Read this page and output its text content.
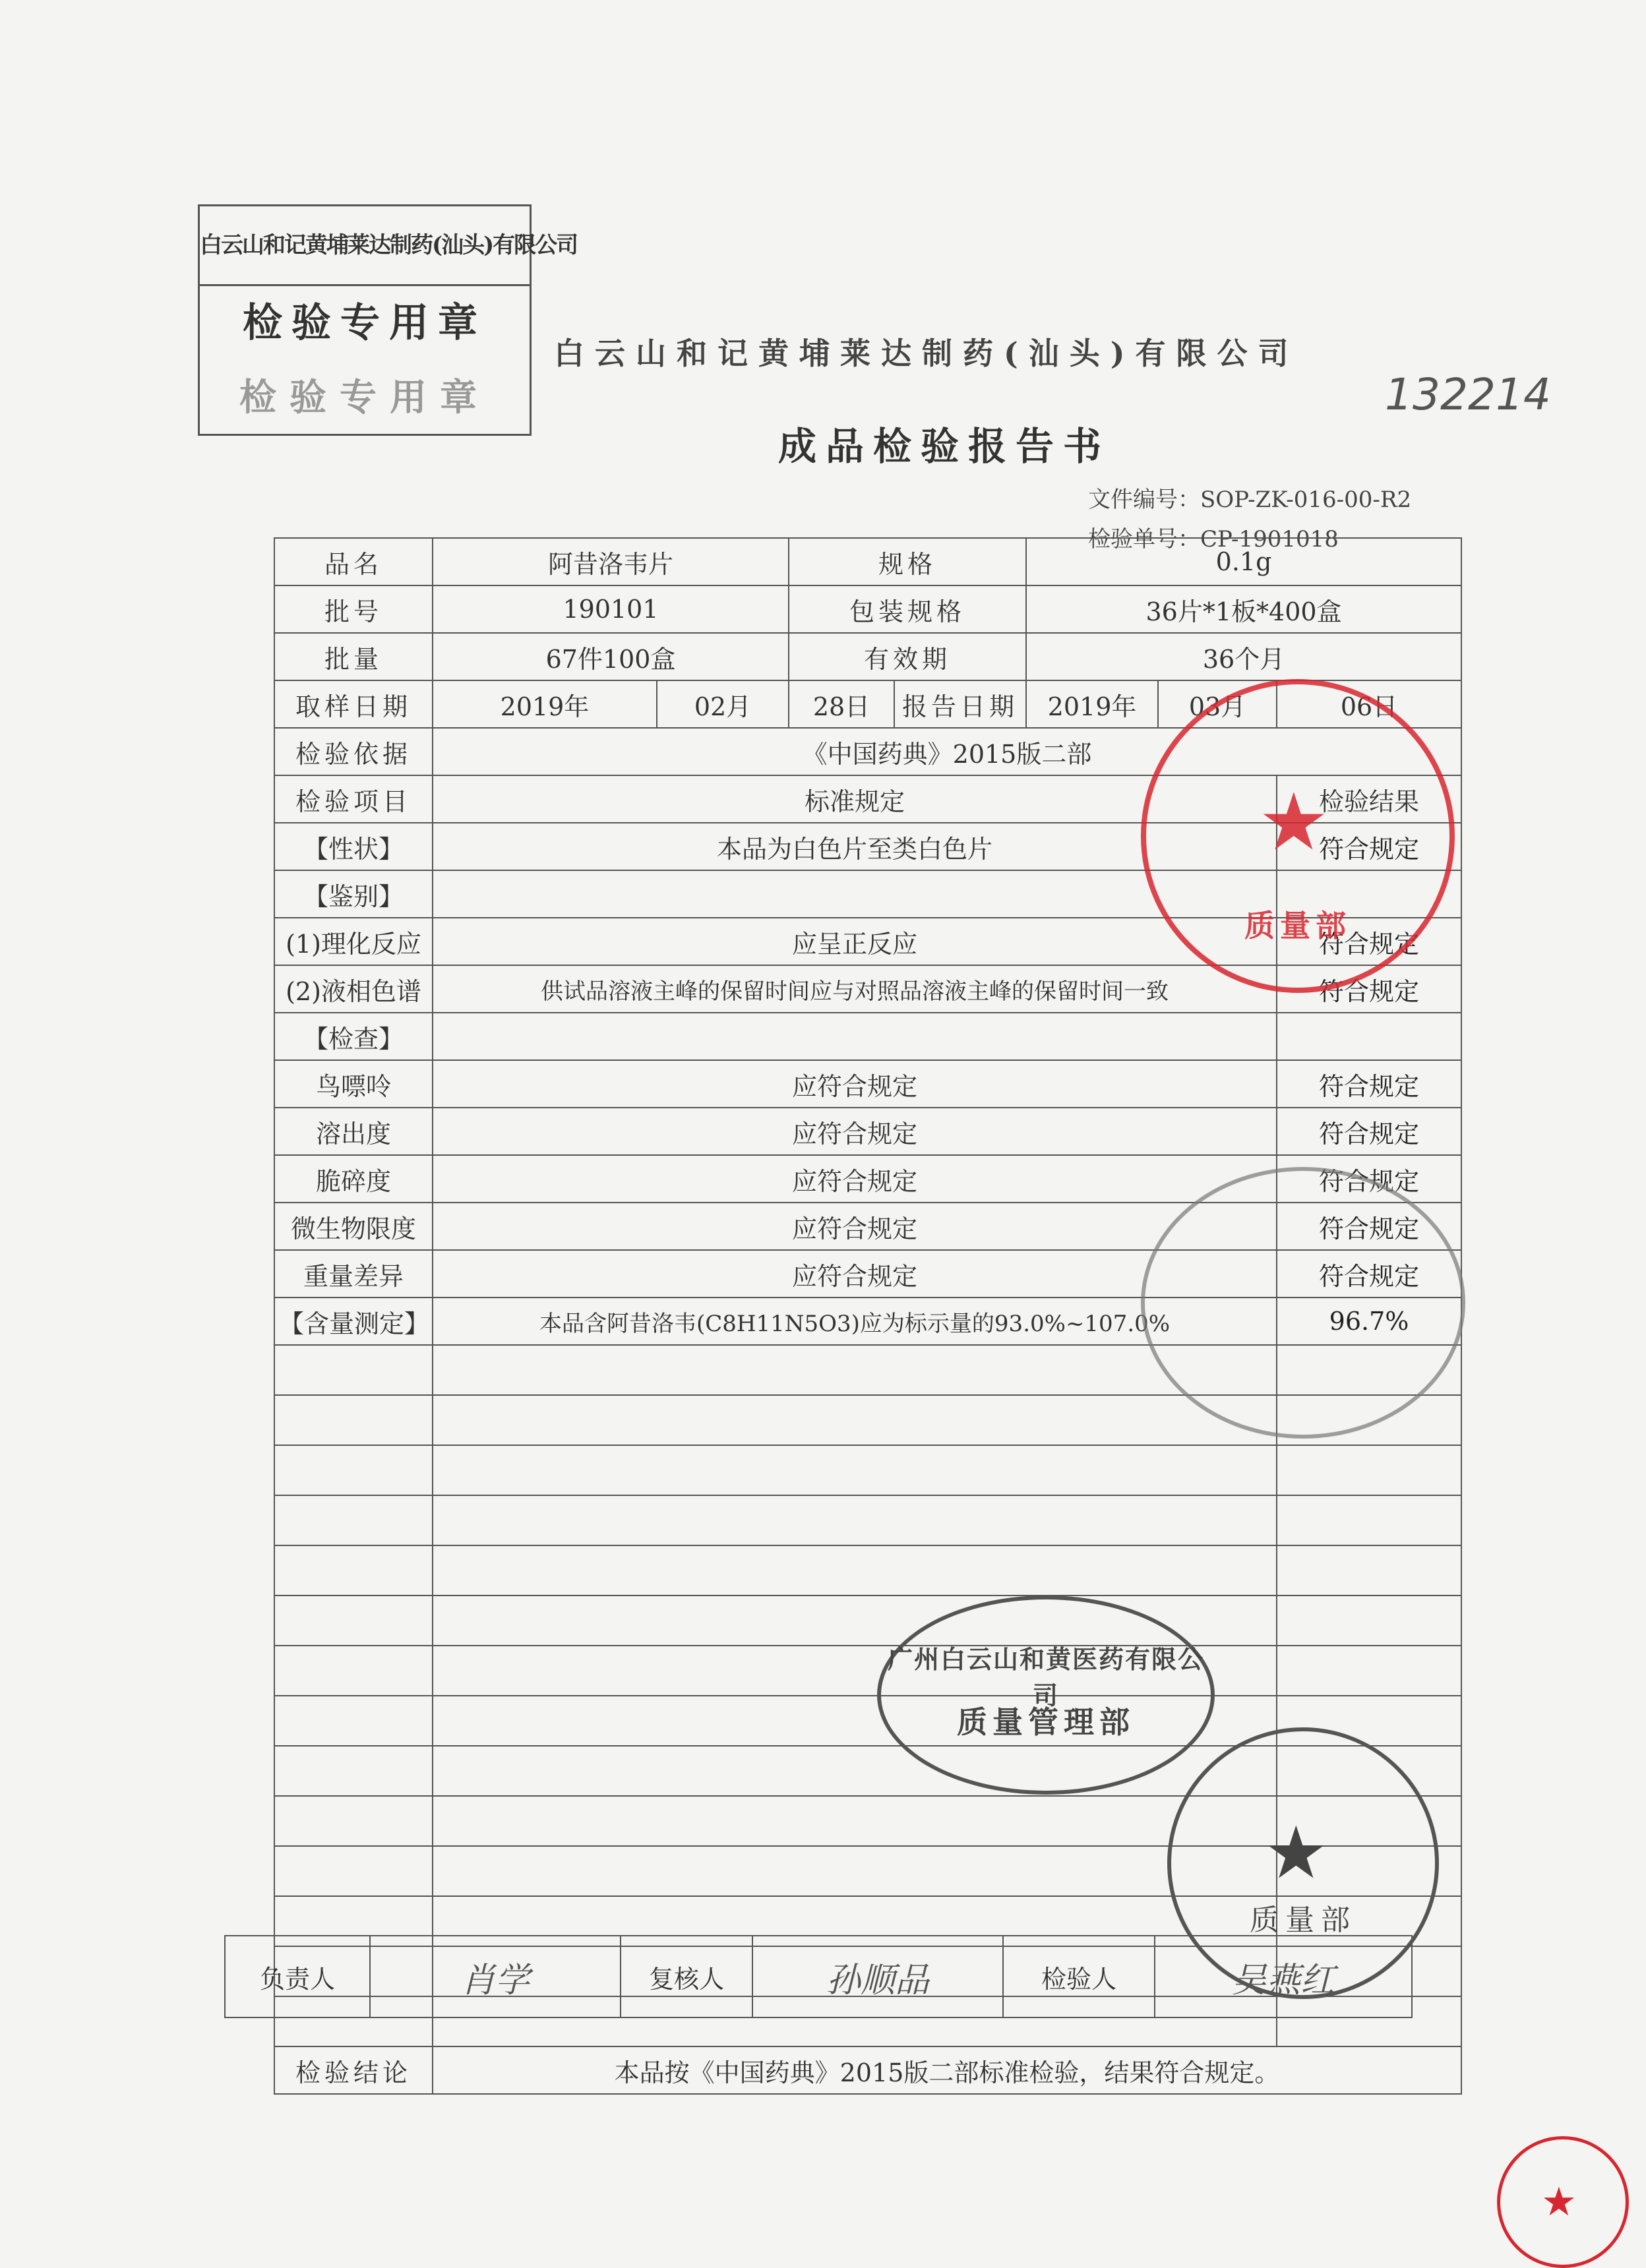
白云山和记黄埔莱达制药(汕头)有限公司
检验专用章
检验专用章
白云山和记黄埔莱达制药(汕头)有限公司
132214
成品检验报告书
文件编号：SOP-ZK-016-00-R2
检验单号：CP-1901018
品名	阿昔洛韦片		规格		0.1g		
批号	190101		包装规格		36片*1板*400盒		
批量	67件100盒		有效期		36个月		
取样日期	2019年	02月	28日	报告日期	2019年	03月	06日
检验依据	《中国药典》2015版二部						
检验项目	标准规定						检验结果
【性状】	本品为白色片至类白色片						符合规定
【鉴别】							
(1)理化反应	应呈正反应						符合规定
(2)液相色谱	供试品溶液主峰的保留时间应与对照品溶液主峰的保留时间一致						符合规定
【检查】							
鸟嘌呤	应符合规定						符合规定
溶出度	应符合规定						符合规定
脆碎度	应符合规定						符合规定
微生物限度	应符合规定						符合规定
重量差异	应符合规定						符合规定
【含量测定】	本品含阿昔洛韦(C8H11N5O3)应为标示量的93.0%~107.0%						96.7%

检验结论	本品按《中国药典》2015版二部标准检验，结果符合规定。						
负责人	肖学	复核人	孙顺品	检验人	吴燕红
★
质量部
广州白云山和黄医药有限公司
质量管理部
★
质量部
★
